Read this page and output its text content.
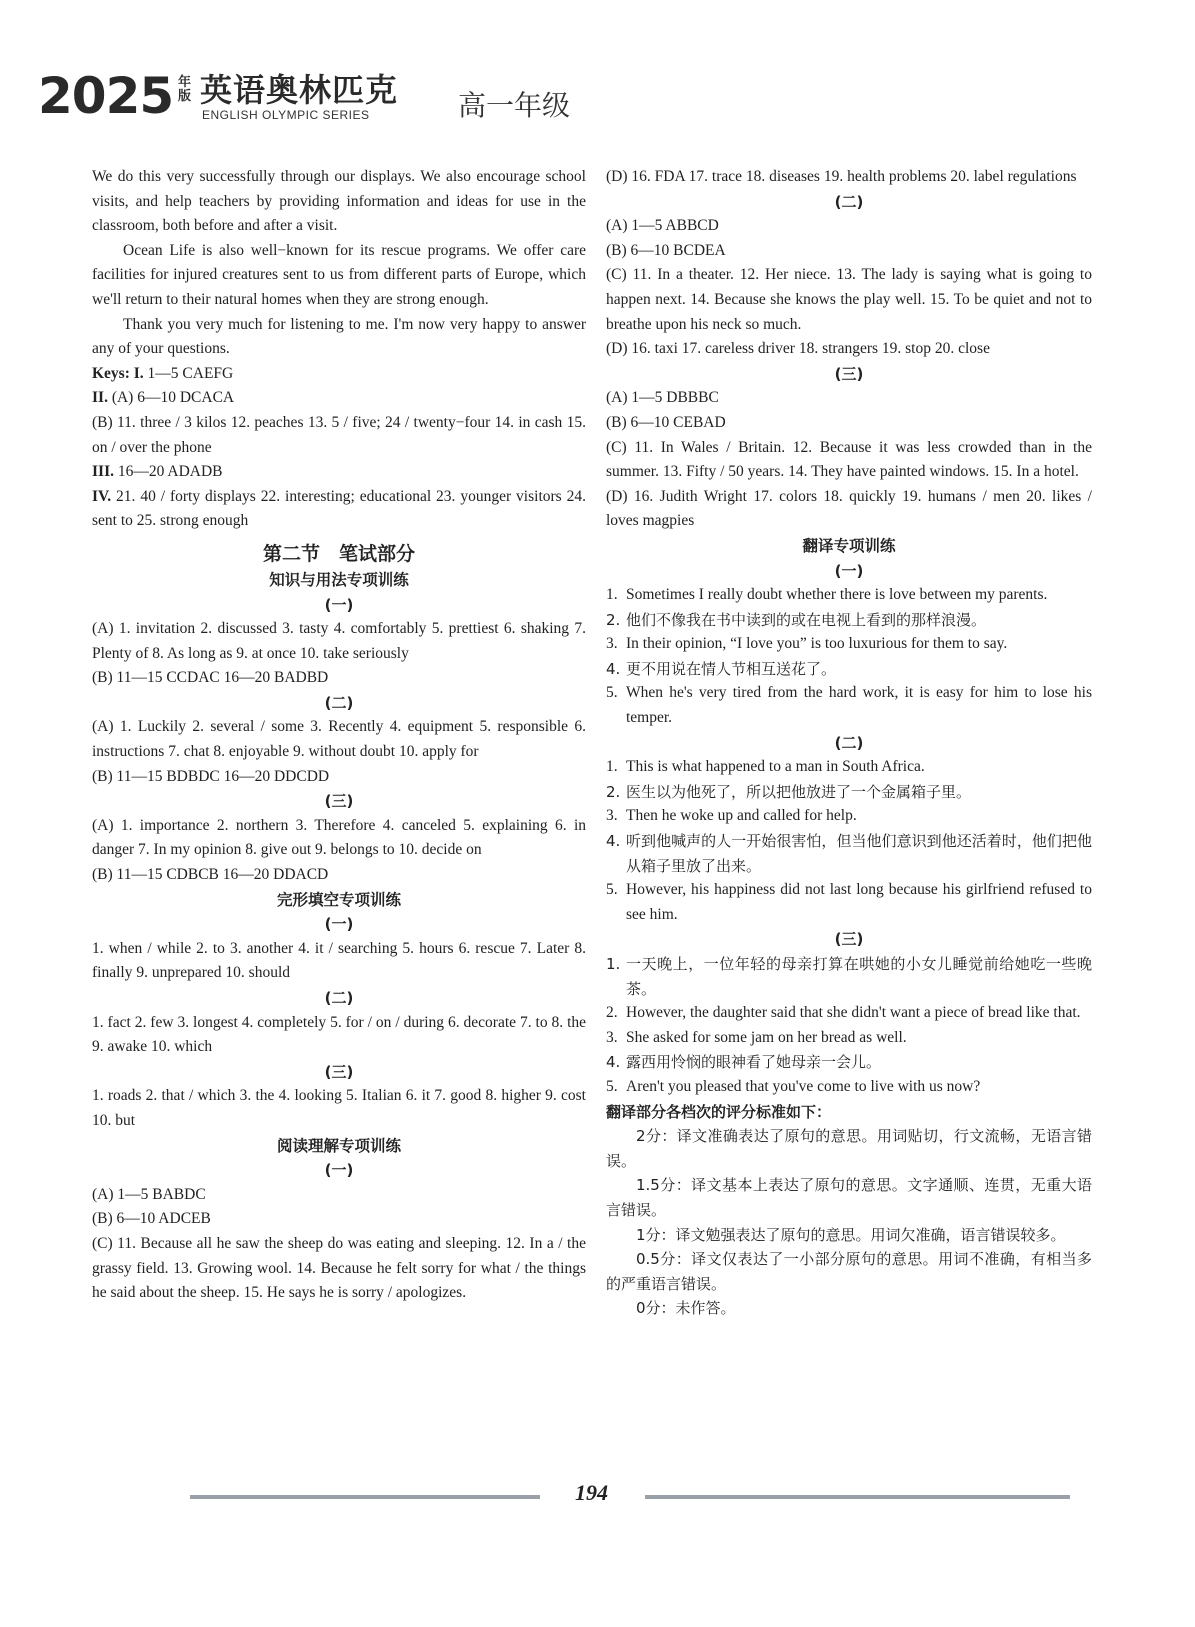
2025 年版 英语奥林匹克
ENGLISH OLYMPIC SERIES	高一年级

We do this very successfully through our displays. We also encourage school visits, and help teachers by providing information and ideas for use in the classroom, both before and after a visit.

Ocean Life is also well−known for its rescue programs. We offer care facilities for injured creatures sent to us from different parts of Europe, which we'll return to their natural homes when they are strong enough.

Thank you very much for listening to me. I'm now very happy to answer any of your questions.

Keys: I. 1—5 CAEFG

II. (A) 6—10 DCACA

(B) 11. three / 3 kilos 12. peaches 13. 5 / five; 24 / twenty−four 14. in cash 15. on / over the phone

III. 16—20 ADADB

IV. 21. 40 / forty displays 22. interesting; educational 23. younger visitors 24. sent to 25. strong enough

第二节　笔试部分

知识与用法专项训练

(一)

(A) 1. invitation 2. discussed 3. tasty 4. comfortably 5. prettiest 6. shaking 7. Plenty of 8. As long as 9. at once 10. take seriously

(B) 11—15 CCDAC 16—20 BADBD

(二)

(A) 1. Luckily 2. several / some 3. Recently 4. equipment 5. responsible 6. instructions 7. chat 8. enjoyable 9. without doubt 10. apply for

(B) 11—15 BDBDC 16—20 DDCDD

(三)

(A) 1. importance 2. northern 3. Therefore 4. canceled 5. explaining 6. in danger 7. In my opinion 8. give out 9. belongs to 10. decide on

(B) 11—15 CDBCB 16—20 DDACD

完形填空专项训练

(一)

1. when / while 2. to 3. another 4. it / searching 5. hours 6. rescue 7. Later 8. finally 9. unprepared 10. should

(二)

1. fact 2. few 3. longest 4. completely 5. for / on / during 6. decorate 7. to 8. the 9. awake 10. which

(三)

1. roads 2. that / which 3. the 4. looking 5. Italian 6. it 7. good 8. higher 9. cost 10. but

阅读理解专项训练

(一)

(A) 1—5 BABDC

(B) 6—10 ADCEB

(C) 11. Because all he saw the sheep do was eating and sleeping. 12. In a / the grassy field. 13. Growing wool. 14. Because he felt sorry for what / the things he said about the sheep. 15. He says he is sorry / apologizes.

(D) 16. FDA 17. trace 18. diseases 19. health problems 20. label regulations

(二)

(A) 1—5 ABBCD

(B) 6—10 BCDEA

(C) 11. In a theater. 12. Her niece. 13. The lady is saying what is going to happen next. 14. Because she knows the play well. 15. To be quiet and not to breathe upon his neck so much.

(D) 16. taxi 17. careless driver 18. strangers 19. stop 20. close

(三)

(A) 1—5 DBBBC

(B) 6—10 CEBAD

(C) 11. In Wales / Britain. 12. Because it was less crowded than in the summer. 13. Fifty / 50 years. 14. They have painted windows. 15. In a hotel.

(D) 16. Judith Wright 17. colors 18. quickly 19. humans / men 20. likes / loves magpies

翻译专项训练

(一)

1. Sometimes I really doubt whether there is love between my parents.

2. 他们不像我在书中读到的或在电视上看到的那样浪漫。

3. In their opinion, “I love you” is too luxurious for them to say.

4. 更不用说在情人节相互送花了。

5. When he's very tired from the hard work, it is easy for him to lose his temper.

(二)

1. This is what happened to a man in South Africa.

2. 医生以为他死了，所以把他放进了一个金属箱子里。

3. Then he woke up and called for help.

4. 听到他喊声的人一开始很害怕，但当他们意识到他还活着时，他们把他从箱子里放了出来。

5. However, his happiness did not last long because his girlfriend refused to see him.

(三)

1. 一天晚上，一位年轻的母亲打算在哄她的小女儿睡觉前给她吃一些晚茶。

2. However, the daughter said that she didn't want a piece of bread like that.

3. She asked for some jam on her bread as well.

4. 露西用怜悯的眼神看了她母亲一会儿。

5. Aren't you pleased that you've come to live with us now?

翻译部分各档次的评分标准如下：

2分：译文准确表达了原句的意思。用词贴切，行文流畅，无语言错误。

1.5分：译文基本上表达了原句的意思。文字通顺、连贯，无重大语言错误。

1分：译文勉强表达了原句的意思。用词欠准确，语言错误较多。

0.5分：译文仅表达了一小部分原句的意思。用词不准确，有相当多的严重语言错误。

0分：未作答。

194
